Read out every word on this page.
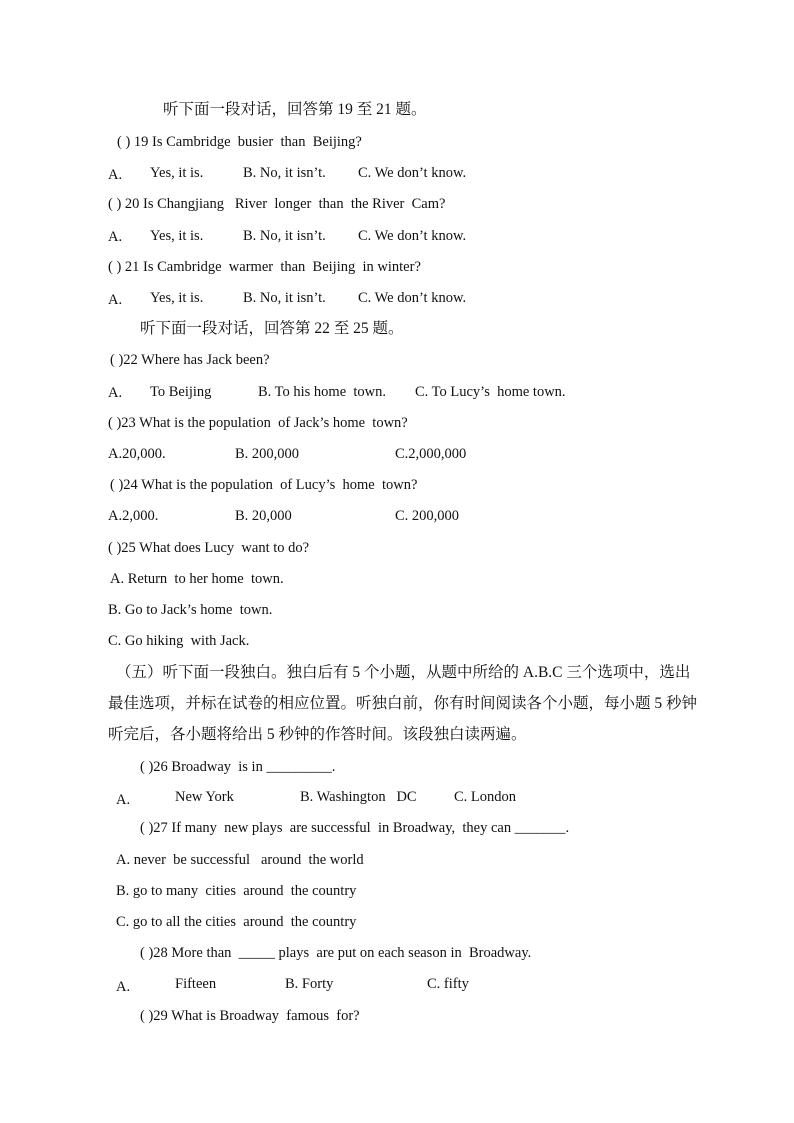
听下面一段对话，回答第 19 至 21 题。
( ) 19 Is Cambridge  busier  than  Beijing?
A. Yes, it is.	B. No, it isn’t. C. We don’t know.
( ) 20 Is Changjiang   River  longer  than  the River  Cam?
A. Yes, it is.	B. No, it isn’t. C. We don’t know.
( ) 21 Is Cambridge  warmer  than  Beijing  in winter?
A. Yes, it is.	B. No, it isn’t. C. We don’t know.
听下面一段对话，回答第 22 至 25 题。
( )22 Where has Jack been?
A. To Beijing	B. To his home  town. C. To Lucy’s  home town.
( )23 What is the population  of Jack’s home  town?
A.20,000.	B. 200,000	C.2,000,000
( )24 What is the population  of Lucy’s  home  town?
A.2,000.	B. 20,000	C. 200,000
( )25 What does Lucy  want to do?
A. Return  to her home  town.
B. Go to Jack’s home  town.
C. Go hiking  with Jack.
（五）听下面一段独白。独白后有 5 个小题，从题中所给的 A.B.C 三个选项中，选出
最佳选项，并标在试卷的相应位置。听独白前，你有时间阅读各个小题，每小题 5 秒钟
听完后，各小题将给出 5 秒钟的作答时间。该段独白读两遍。
( )26 Broadway  is in _________.
A.	New York	B. Washington   DC	C. London
( )27 If many  new plays  are successful  in Broadway,  they can _______.
A. never  be successful   around  the world
B. go to many  cities  around  the country
C. go to all the cities  around  the country
( )28 More than  _____ plays  are put on each season in  Broadway.
A.	Fifteen	B. Forty	C. fifty
( )29 What is Broadway  famous  for?
